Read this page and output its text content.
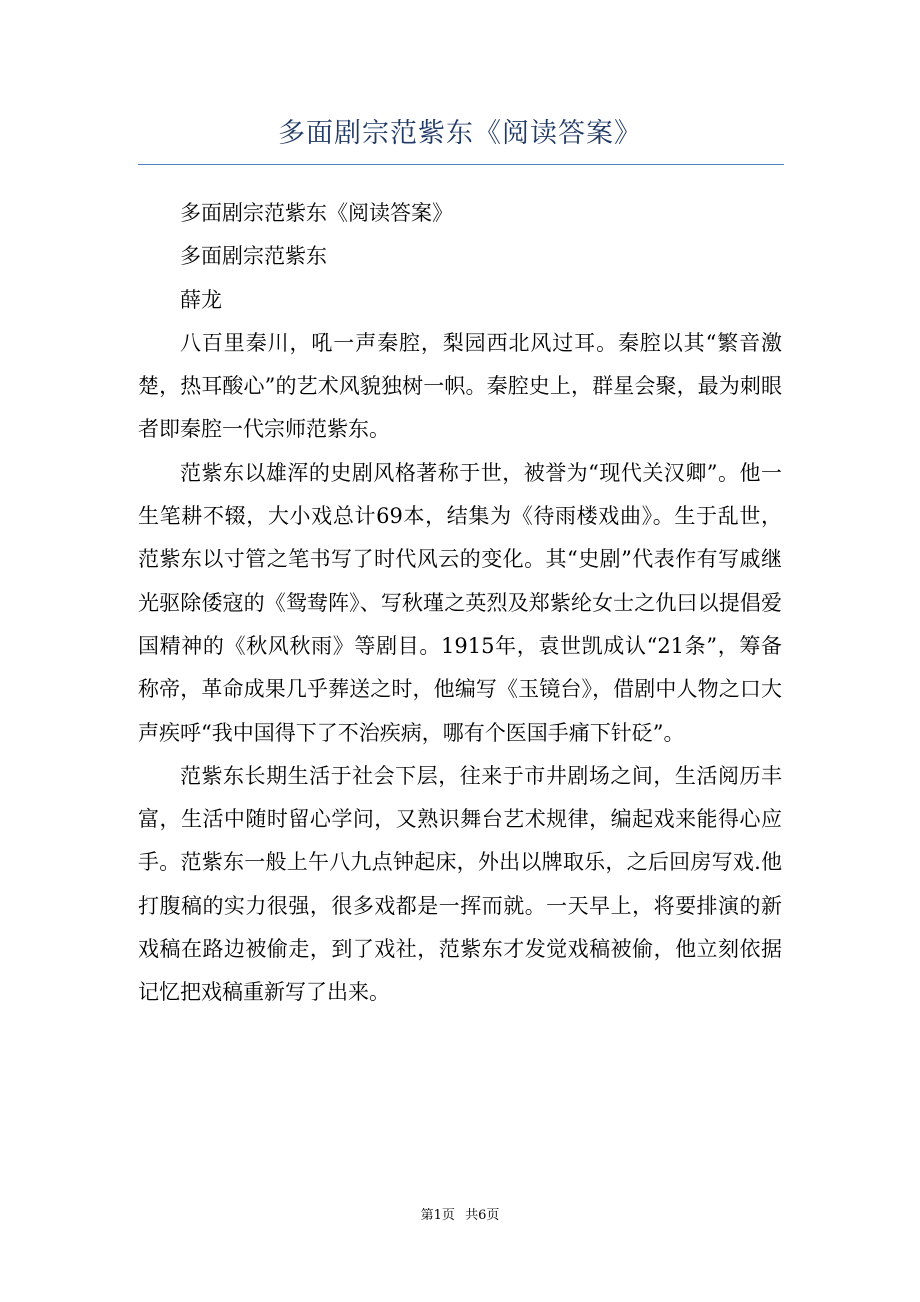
多面剧宗范紫东《阅读答案》

多面剧宗范紫东《阅读答案》

多面剧宗范紫东

薛龙

八百里秦川，吼一声秦腔，梨园西北风过耳。秦腔以其“繁音激楚，热耳酸心”的艺术风貌独树一帜。秦腔史上，群星会聚，最为刺眼者即秦腔一代宗师范紫东。

范紫东以雄浑的史剧风格著称于世，被誉为“现代关汉卿”。他一生笔耕不辍，大小戏总计69本，结集为《待雨楼戏曲》。生于乱世，范紫东以寸管之笔书写了时代风云的变化。其“史剧”代表作有写戚继光驱除倭寇的《鸳鸯阵》、写秋瑾之英烈及郑紫纶女士之仇曰以提倡爱国精神的《秋风秋雨》等剧目。1915年，袁世凯成认“21条”，筹备称帝，革命成果几乎葬送之时，他编写《玉镜台》，借剧中人物之口大声疾呼“我中国得下了不治疾病，哪有个医国手痛下针砭”。

范紫东长期生活于社会下层，往来于市井剧场之间，生活阅历丰富，生活中随时留心学问，又熟识舞台艺术规律，编起戏来能得心应手。范紫东一般上午八九点钟起床，外出以牌取乐，之后回房写戏.他打腹稿的实力很强，很多戏都是一挥而就。一天早上，将要排演的新戏稿在路边被偷走，到了戏社，范紫东才发觉戏稿被偷，他立刻依据记忆把戏稿重新写了出来。

第1页 共6页
